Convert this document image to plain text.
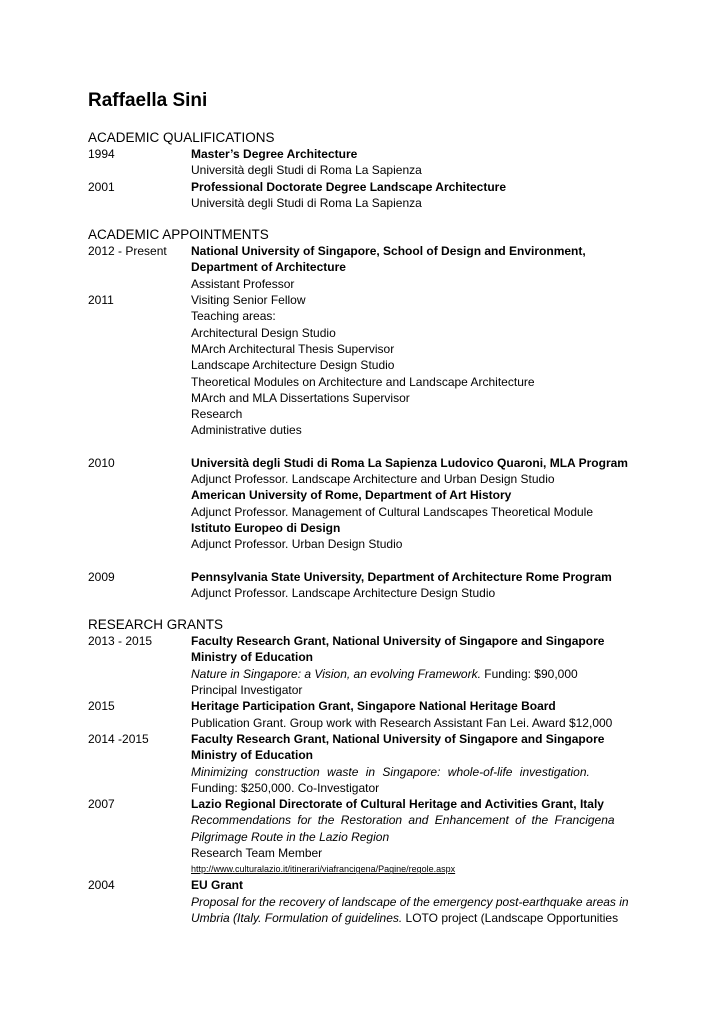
Raffaella Sini
ACADEMIC QUALIFICATIONS
1994	Master’s Degree Architecture
Università degli Studi di Roma La Sapienza
2001	Professional Doctorate Degree Landscape Architecture
Università degli Studi di Roma La Sapienza
ACADEMIC APPOINTMENTS
2012 - Present	National University of Singapore, School of Design and Environment,
Department of Architecture
Assistant Professor
2011	Visiting Senior Fellow
Teaching areas:
Architectural Design Studio
MArch Architectural Thesis Supervisor
Landscape Architecture Design Studio
Theoretical Modules on Architecture and Landscape Architecture
MArch and MLA Dissertations Supervisor
Research
Administrative duties
2010	Università degli Studi di Roma La Sapienza Ludovico Quaroni, MLA Program
Adjunct Professor. Landscape Architecture and Urban Design Studio
American University of Rome, Department of Art History
Adjunct Professor. Management of Cultural Landscapes Theoretical Module
Istituto Europeo di Design
Adjunct Professor. Urban Design Studio
2009	Pennsylvania State University, Department of Architecture Rome Program
Adjunct Professor. Landscape Architecture Design Studio
RESEARCH GRANTS
2013 - 2015	Faculty Research Grant, National University of Singapore and Singapore
Ministry of Education
Nature in Singapore: a Vision, an evolving Framework. Funding: $90,000
Principal Investigator
2015	Heritage Participation Grant, Singapore National Heritage Board
Publication Grant. Group work with Research Assistant Fan Lei. Award $12,000
2014 -2015	Faculty Research Grant, National University of Singapore and Singapore
Ministry of Education
Minimizing construction waste in Singapore: whole-of-life investigation.
Funding: $250,000. Co-Investigator
2007	Lazio Regional Directorate of Cultural Heritage and Activities Grant, Italy
Recommendations for the Restoration and Enhancement of the Francigena
Pilgrimage Route in the Lazio Region
Research Team Member
http://www.culturalazio.it/itinerari/viafrancigena/Pagine/regole.aspx
2004	EU Grant
Proposal for the recovery of landscape of the emergency post-earthquake areas in
Umbria (Italy. Formulation of guidelines. LOTO project (Landscape Opportunities
